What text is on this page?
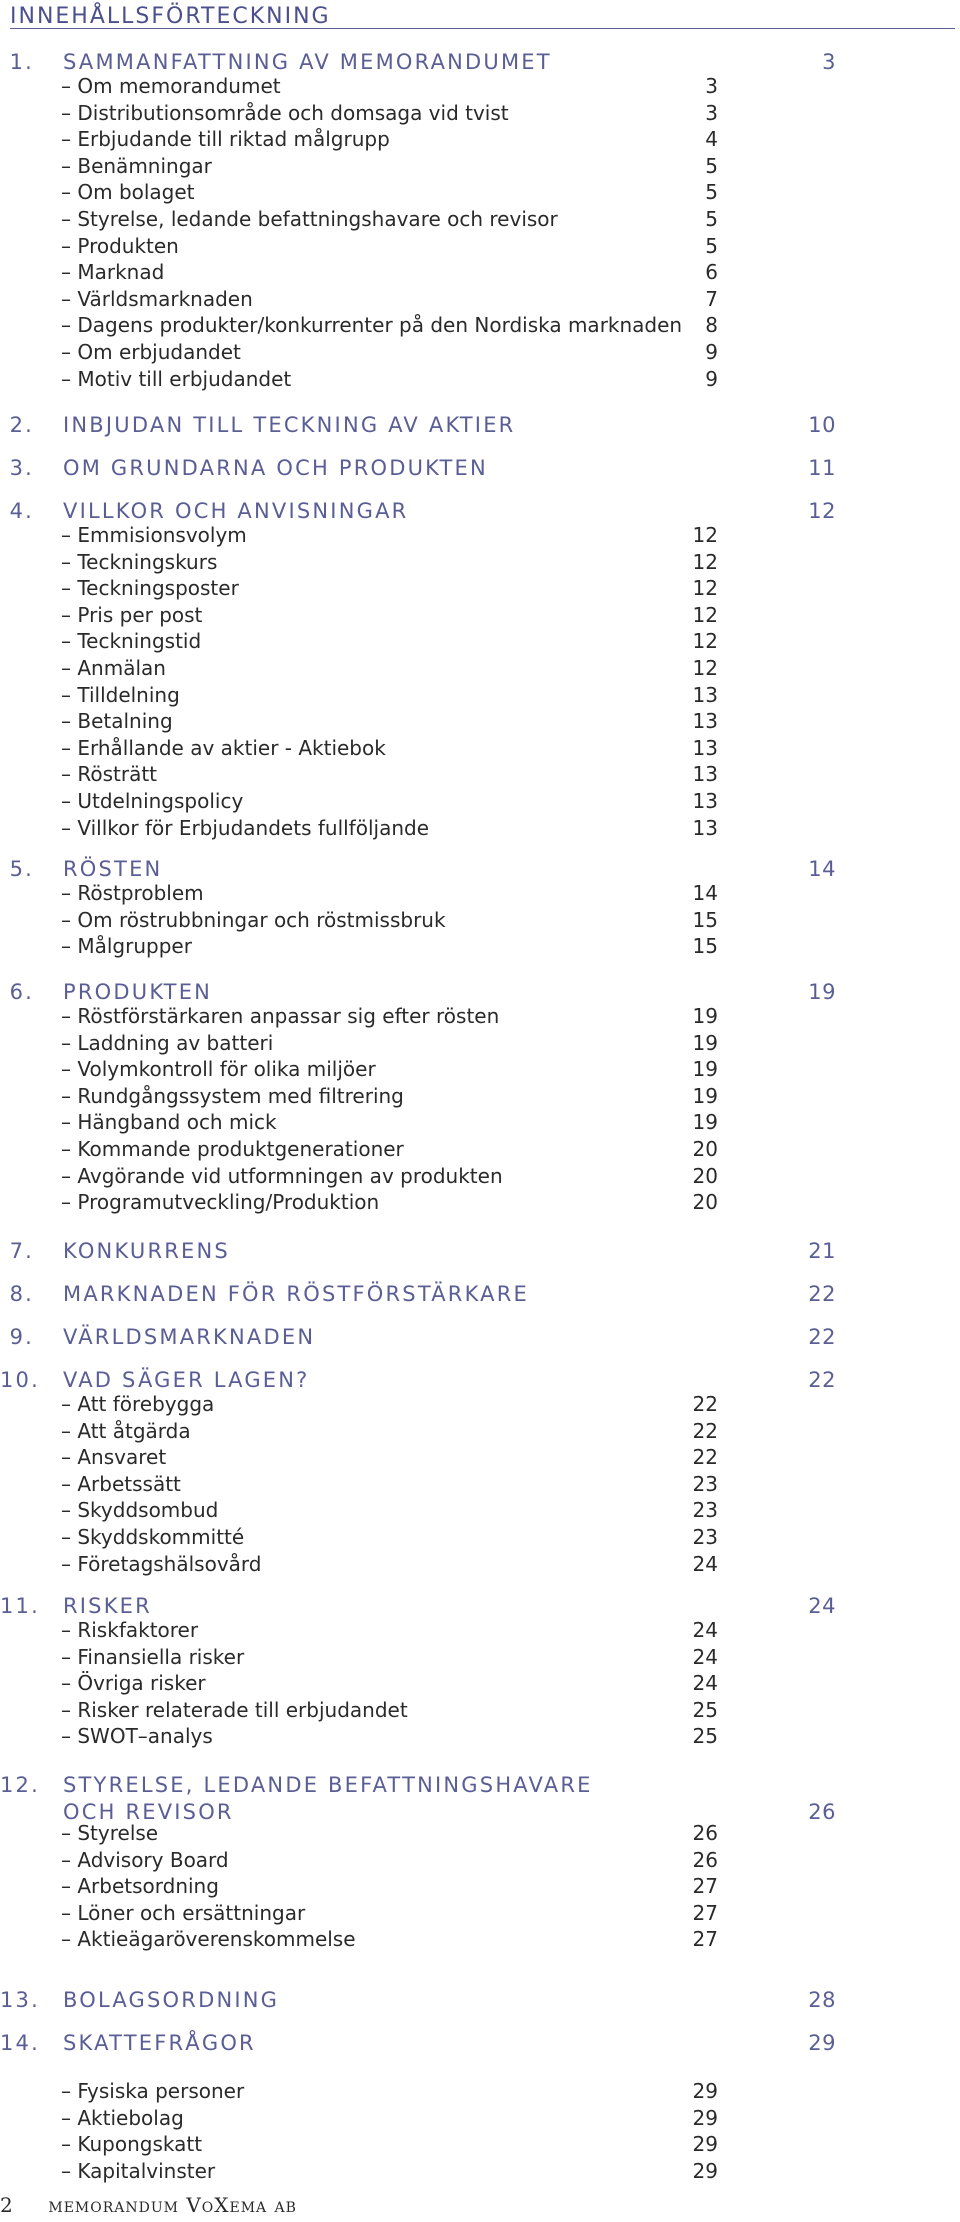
INNEHÅLLSFÖRTECKNING
1. SAMMANFATTNING AV MEMORANDUMET	3
– Om memorandumet	3
– Distributionsområde och domsaga vid tvist	3
– Erbjudande till riktad målgrupp	4
– Benämningar	5
– Om bolaget	5
– Styrelse, ledande befattningshavare och revisor	5
– Produkten	5
– Marknad	6
– Världsmarknaden	7
– Dagens produkter/konkurrenter på den Nordiska marknaden 8
– Om erbjudandet	9
– Motiv till erbjudandet	9
2. INBJUDAN TILL TECKNING AV AKTIER	10
3. OM GRUNDARNA OCH PRODUKTEN	11
4. VILLKOR OCH ANVISNINGAR	12
– Emmisionsvolym	12
– Teckningskurs	12
– Teckningsposter	12
– Pris per post	12
– Teckningstid	12
– Anmälan	12
– Tilldelning	13
– Betalning	13
– Erhållande av aktier - Aktiebok	13
– Rösträtt	13
– Utdelningspolicy	13
– Villkor för Erbjudandets fullföljande	13
5. RÖSTEN	14
– Röstproblem	14
– Om röstrubbningar och röstmissbruk	15
– Målgrupper	15
6. PRODUKTEN	19
– Röstförstärkaren anpassar sig efter rösten	19
– Laddning av batteri	19
– Volymkontroll för olika miljöer	19
– Rundgångssystem med filtrering	19
– Hängband och mick	19
– Kommande produktgenerationer	20
– Avgörande vid utformningen av produkten	20
– Programutveckling/Produktion	20
7. KONKURRENS	21
8. MARKNADEN FÖR RÖSTFÖRSTÄRKARE	22
9. VÄRLDSMARKNADEN	22
10. VAD SÄGER LAGEN?	22
– Att förebygga	22
– Att åtgärda	22
– Ansvaret	22
– Arbetssätt	23
– Skyddsombud	23
– Skyddskommitté	23
– Företagshälsovård	24
11. RISKER	24
– Riskfaktorer	24
– Finansiella risker	24
– Övriga risker	24
– Risker relaterade till erbjudandet	25
– SWOT–analys	25
12. STYRELSE, LEDANDE BEFATTNINGSHAVARE
OCH REVISOR	26
– Styrelse	26
– Advisory Board	26
– Arbetsordning	27
– Löner och ersättningar	27
– Aktieägaröverenskommelse	27
13. BOLAGSORDNING	28
14. SKATTEFRÅGOR	29
– Fysiska personer	29
– Aktiebolag	29
– Kupongskatt	29
– Kapitalvinster	29
2 memorandum VoXema ab
